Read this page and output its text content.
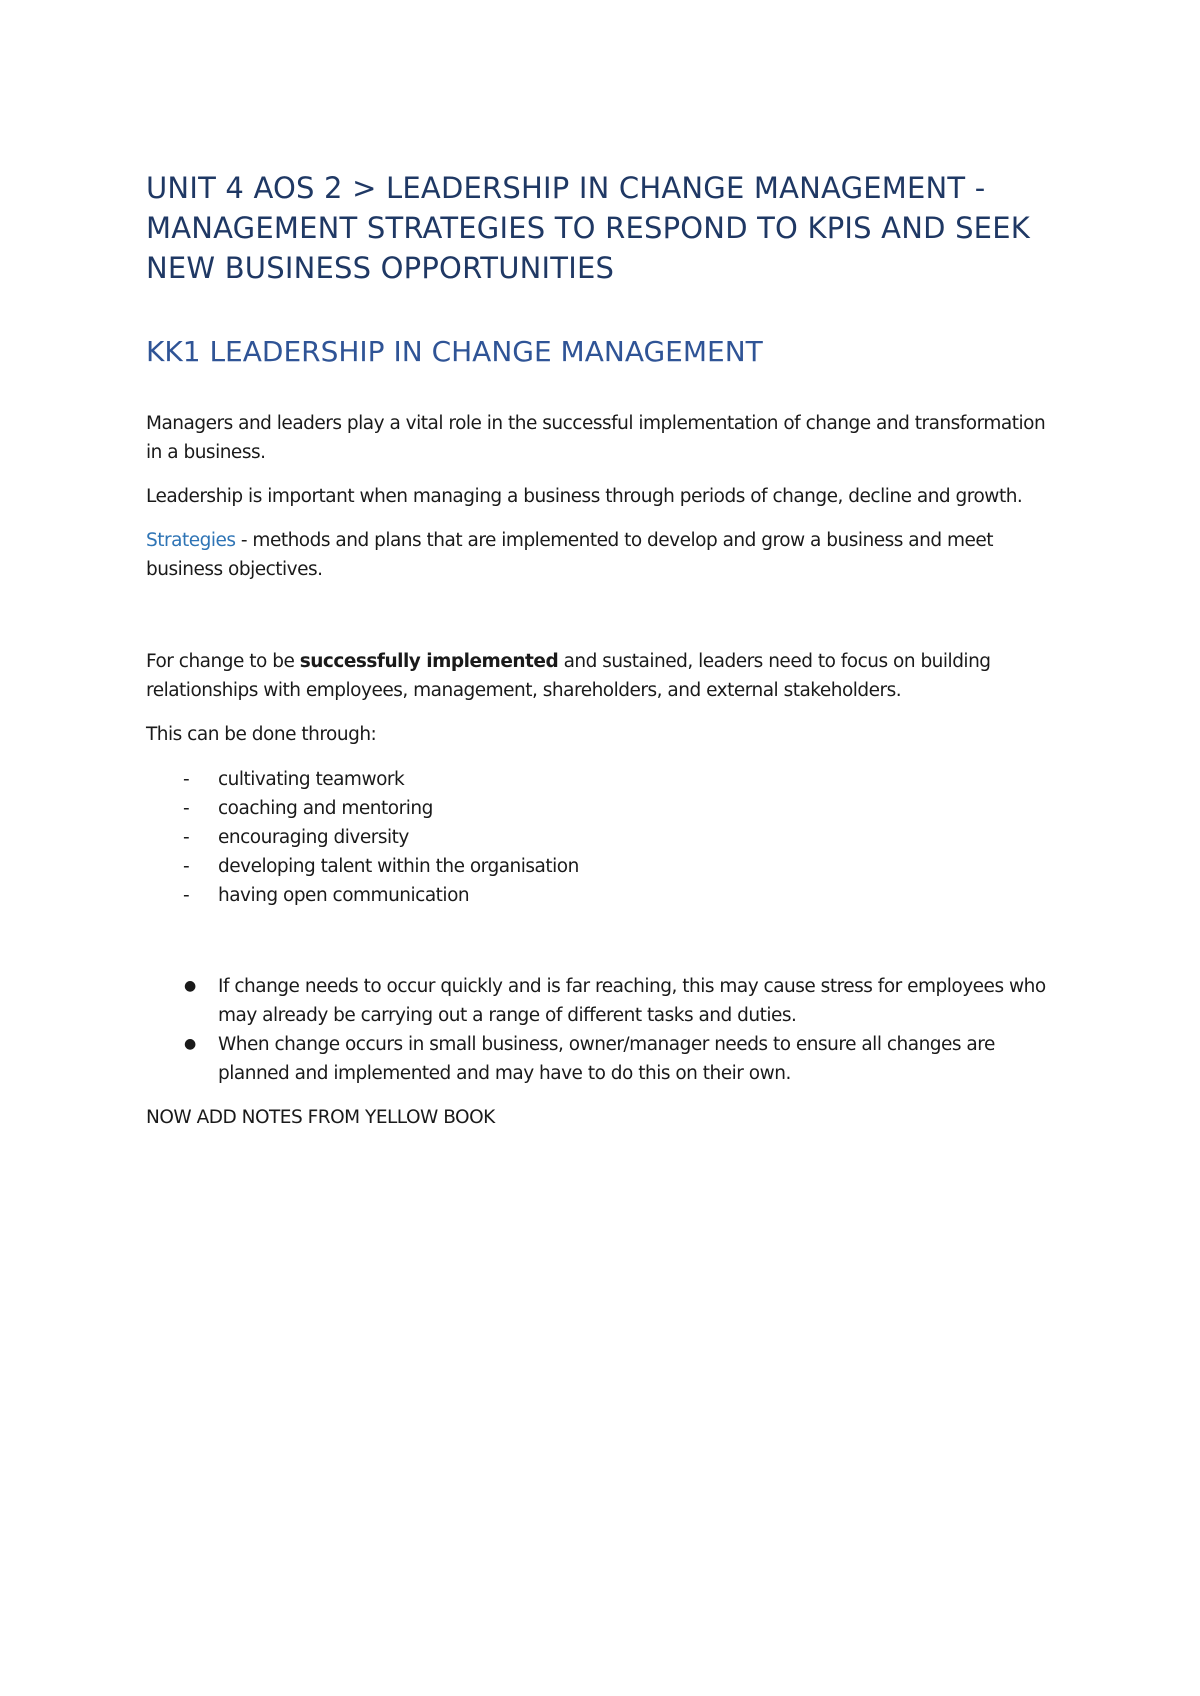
UNIT 4 AOS 2 > LEADERSHIP IN CHANGE MANAGEMENT -MANAGEMENT STRATEGIES TO RESPOND TO KPIS AND SEEK NEW BUSINESS OPPORTUNITIES
KK1 LEADERSHIP IN CHANGE MANAGEMENT

Managers and leaders play a vital role in the successful implementation of change and transformation in a business.

Leadership is important when managing a business through periods of change, decline and growth.

Strategies - methods and plans that are implemented to develop and grow a business and meet business objectives.

For change to be successfully implemented and sustained, leaders need to focus on building relationships with employees, management, shareholders, and external stakeholders.

This can be done through:

- cultivating teamwork
- coaching and mentoring
- encouraging diversity
- developing talent within the organisation
- having open communication
● If change needs to occur quickly and is far reaching, this may cause stress for employees who may already be carrying out a range of different tasks and duties.
● When change occurs in small business, owner/manager needs to ensure all changes are planned and implemented and may have to do this on their own.

NOW ADD NOTES FROM YELLOW BOOK
